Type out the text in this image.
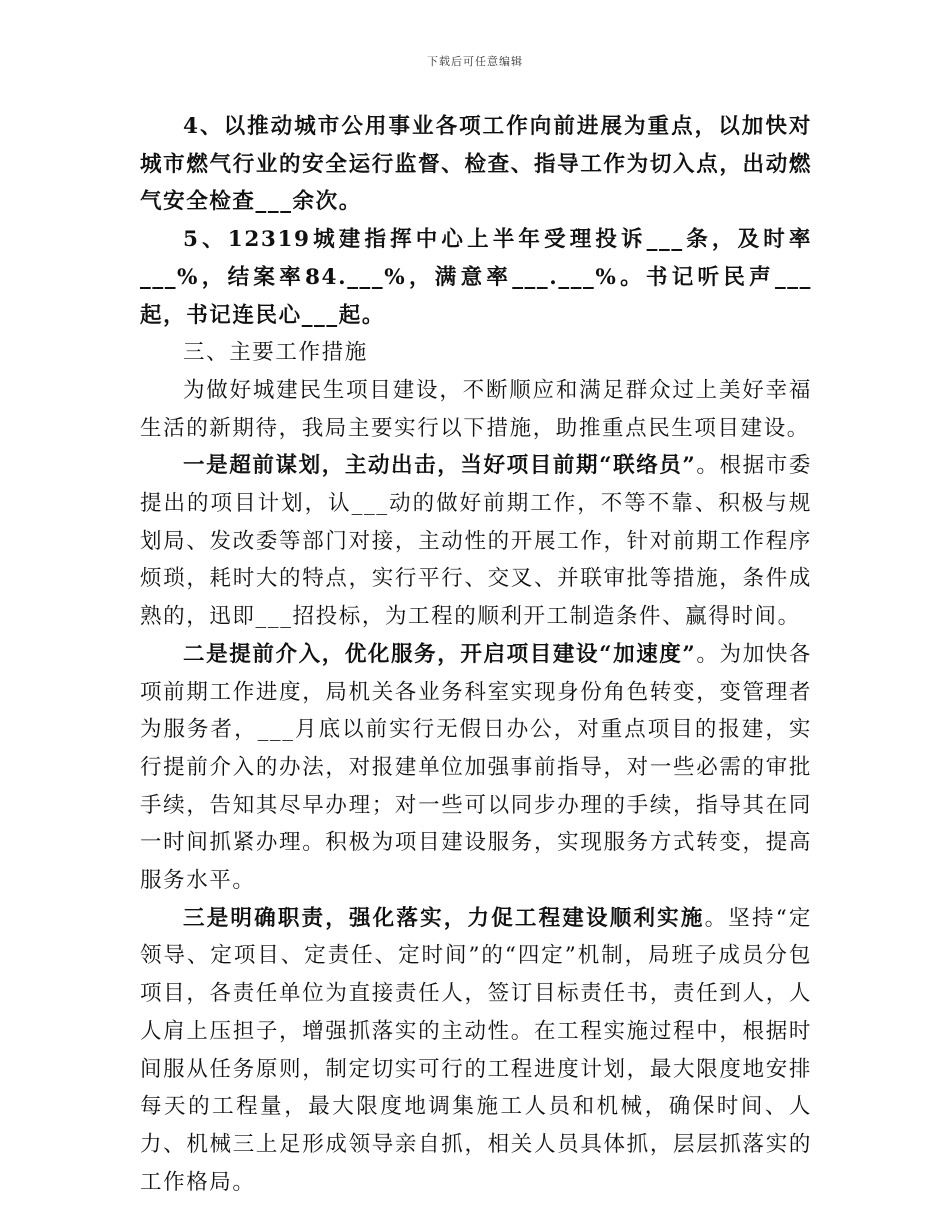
下载后可任意编辑

4、以推动城市公用事业各项工作向前进展为重点，以加快对城市燃气行业的安全运行监督、检查、指导工作为切入点，出动燃气安全检查___余次。

5、12319城建指挥中心上半年受理投诉___条，及时率___%，结案率84.___%，满意率___.___%。书记听民声___起，书记连民心___起。

三、主要工作措施

为做好城建民生项目建设，不断顺应和满足群众过上美好幸福生活的新期待，我局主要实行以下措施，助推重点民生项目建设。

一是超前谋划，主动出击，当好项目前期“联络员”。根据市委提出的项目计划，认___动的做好前期工作，不等不靠、积极与规划局、发改委等部门对接，主动性的开展工作，针对前期工作程序烦琐，耗时大的特点，实行平行、交叉、并联审批等措施，条件成熟的，迅即___招投标，为工程的顺利开工制造条件、赢得时间。

二是提前介入，优化服务，开启项目建设“加速度”。为加快各项前期工作进度，局机关各业务科室实现身份角色转变，变管理者为服务者，___月底以前实行无假日办公，对重点项目的报建，实行提前介入的办法，对报建单位加强事前指导，对一些必需的审批手续，告知其尽早办理；对一些可以同步办理的手续，指导其在同一时间抓紧办理。积极为项目建设服务，实现服务方式转变，提高服务水平。

三是明确职责，强化落实，力促工程建设顺利实施。坚持“定领导、定项目、定责任、定时间”的“四定”机制，局班子成员分包项目，各责任单位为直接责任人，签订目标责任书，责任到人，人人肩上压担子，增强抓落实的主动性。在工程实施过程中，根据时间服从任务原则，制定切实可行的工程进度计划，最大限度地安排每天的工程量，最大限度地调集施工人员和机械，确保时间、人力、机械三上足形成领导亲自抓，相关人员具体抓，层层抓落实的工作格局。
